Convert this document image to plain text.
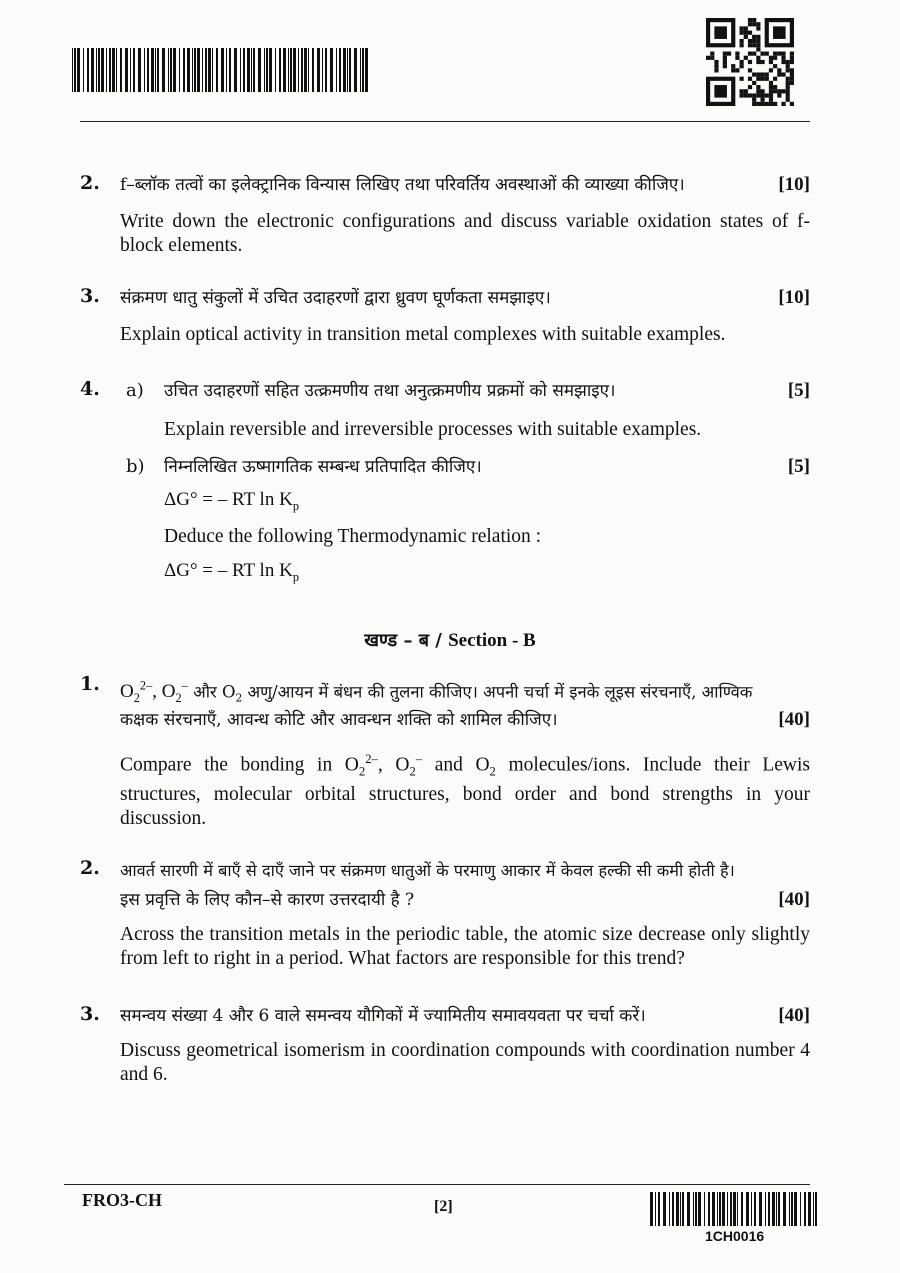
2. f–ब्लॉक तत्वों का इलेक्ट्रानिक विन्यास लिखिए तथा परिवर्तिय अवस्थाओं की व्याख्या कीजिए।	[10]
Write down the electronic configurations and discuss variable oxidation states of f-block elements.
3. संक्रमण धातु संकुलों में उचित उदाहरणों द्वारा ध्रुवण घूर्णकता समझाइए।	[10]
Explain optical activity in transition metal complexes with suitable examples.
4. a) उचित उदाहरणों सहित उत्क्रमणीय तथा अनुत्क्रमणीय प्रक्रमों को समझाइए।	[5]
Explain reversible and irreversible processes with suitable examples.
b) निम्नलिखित ऊष्मागतिक सम्बन्ध प्रतिपादित कीजिए।	[5]
ΔG° = – RT $\ln K_p$
Deduce the following Thermodynamic relation :
ΔG° = – RT $\ln K_p$
खण्ड – ब / Section - B
1. $O_2^{2-}$, $O_2^-$ और $O_2$ अणु/आयन में बंधन की तुलना कीजिए। अपनी चर्चा में इनके लूइस संरचनाएँ, आण्विक
कक्षक संरचनाएँ, आवन्ध कोटि और आवन्धन शक्ति को शामिल कीजिए।	[40]
Compare the bonding in $O_2^{2-}$, $O_2^-$ and $O_2$ molecules/ions. Include their Lewis structures, molecular orbital structures, bond order and bond strengths in your discussion.
2. आवर्त सारणी में बाएँ से दाएँ जाने पर संक्रमण धातुओं के परमाणु आकार में केवल हल्की सी कमी होती है।
इस प्रवृत्ति के लिए कौन–से कारण उत्तरदायी है ?	[40]
Across the transition metals in the periodic table, the atomic size decrease only slightly from left to right in a period. What factors are responsible for this trend?
3. समन्वय संख्या 4 और 6 वाले समन्वय यौगिकों में ज्यामितीय समावयवता पर चर्चा करें।	[40]
Discuss geometrical isomerism in coordination compounds with coordination number 4 and 6.
FRO3-CH	[2]
1CH0016
